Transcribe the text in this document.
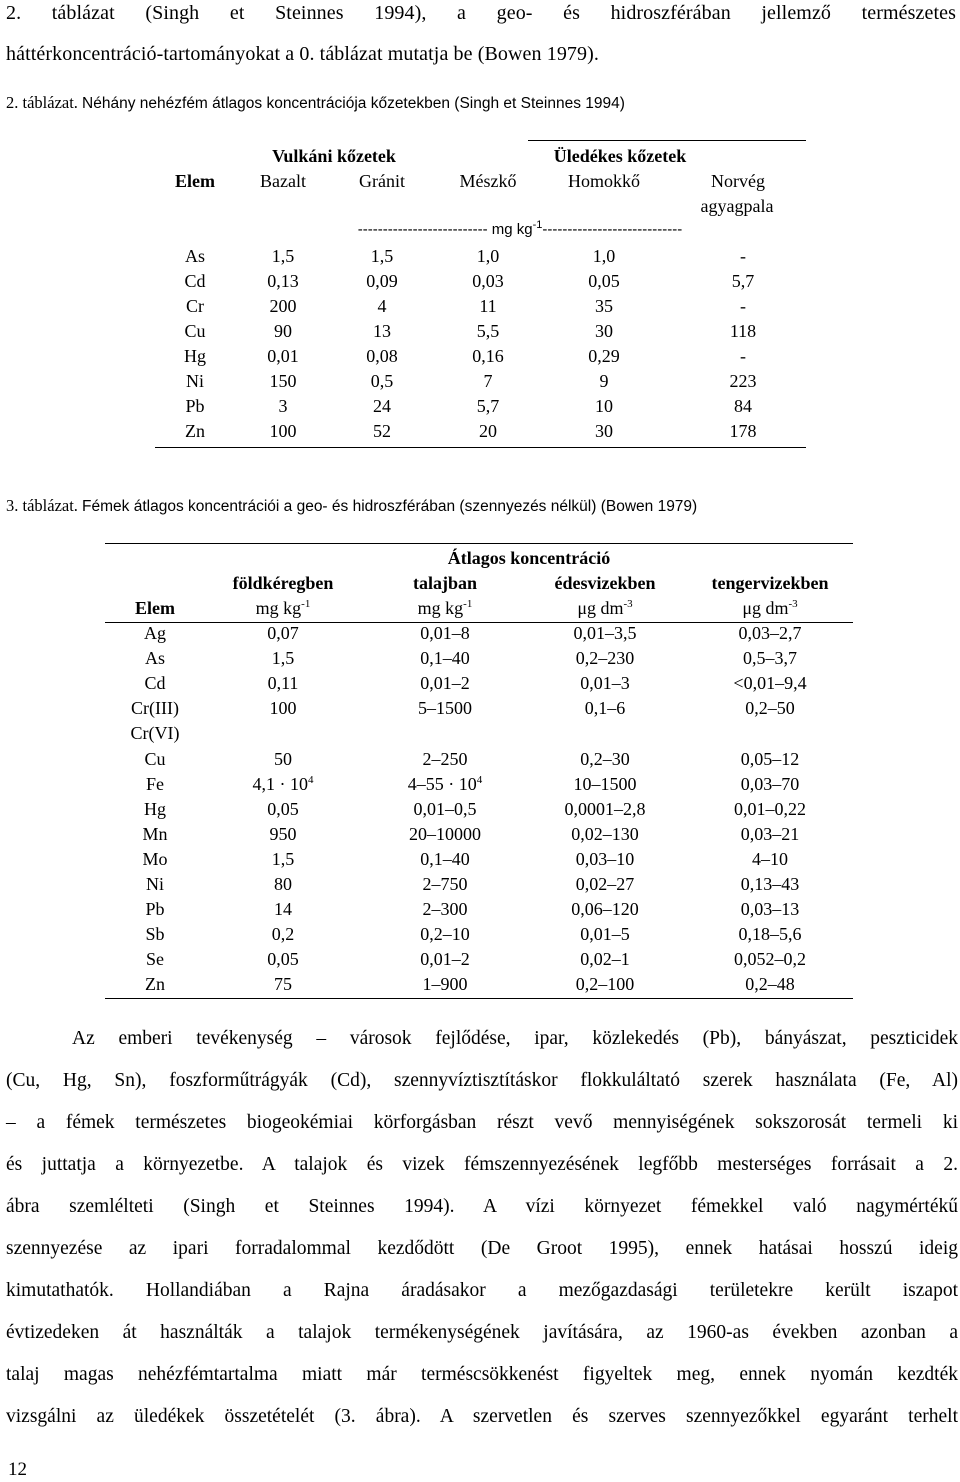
2. táblázat (Singh et Steinnes 1994), a geo- és hidroszférában jellemző természetes
háttérkoncentráció-tartományokat a 0. táblázat mutatja be (Bowen 1979).
2. táblázat. Néhány nehézfém átlagos koncentrációja kőzetekben (Singh et Steinnes 1994)
Vulkáni kőzetek	Üledékes kőzetek
Elem	Bazalt	Gránit	Mészkő	Homokkő	Norvég
agyagpala
-------------------------- mg $kg^{-1}----------------------------$
As	1,5	1,5	1,0	1,0	-
Cd	0,13	0,09	0,03	0,05	5,7
Cr	200	4	11	35	-
Cu	90	13	5,5	30	118
Hg	0,01	0,08	0,16	0,29	-
Ni	150	0,5	7	9	223
Pb	3	24	5,7	10	84
Zn	100	52	20	30	178
3. táblázat. Fémek átlagos koncentrációi a geo- és hidroszférában (szennyezés nélkül) (Bowen 1979)
Átlagos koncentráció
földkéregben	talajban	édesvizekben	tengervizekben
Elem	mg $kg^{-1}$	mg $kg^{-1}$	μg $dm^{-3}$	μg $dm^{-3}$
Ag	0,07	0,01–8	0,01–3,5	0,03–2,7
As	1,5	0,1–40	0,2–230	0,5–3,7
Cd	0,11	0,01–2	0,01–3	<0,01–9,4
Cr(III)	100	5–1500	0,1–6	0,2–50
Cr(VI)
Cu	50	2–250	0,2–30	0,05–12
Fe	$4,1 \cdot 10^4$	$4-55 \cdot 10^4$	10–1500	0,03–70
Hg	0,05	0,01–0,5	0,0001–2,8	0,01–0,22
Mn	950	20–10000	0,02–130	0,03–21
Mo	1,5	0,1–40	0,03–10	4–10
Ni	80	2–750	0,02–27	0,13–43
Pb	14	2–300	0,06–120	0,03–13
Sb	0,2	0,2–10	0,01–5	0,18–5,6
Se	0,05	0,01–2	0,02–1	0,052–0,2
Zn	75	1–900	0,2–100	0,2–48
Az emberi tevékenység – városok fejlődése, ipar, közlekedés (Pb), bányászat, peszticidek
(Cu, Hg, Sn), foszforműtrágyák (Cd), szennyvíztisztításkor flokkuláltató szerek használata (Fe, Al)
– a fémek természetes biogeokémiai körforgásban részt vevő mennyiségének sokszorosát termeli ki
és juttatja a környezetbe. A talajok és vizek fémszennyezésének legfőbb mesterséges forrásait a 2.
ábra szemlélteti (Singh et Steinnes 1994). A vízi környezet fémekkel való nagymértékű
szennyezése az ipari forradalommal kezdődött (De Groot 1995), ennek hatásai hosszú ideig
kimutathatók. Hollandiában a Rajna áradásakor a mezőgazdasági területekre került iszapot
évtizedeken át használták a talajok termékenységének javítására, az 1960-as években azonban a
talaj magas nehézfémtartalma miatt már terméscsökkenést figyeltek meg, ennek nyomán kezdték
vizsgálni az üledékek összetételét (3. ábra). A szervetlen és szerves szennyezőkkel egyaránt terhelt
12
